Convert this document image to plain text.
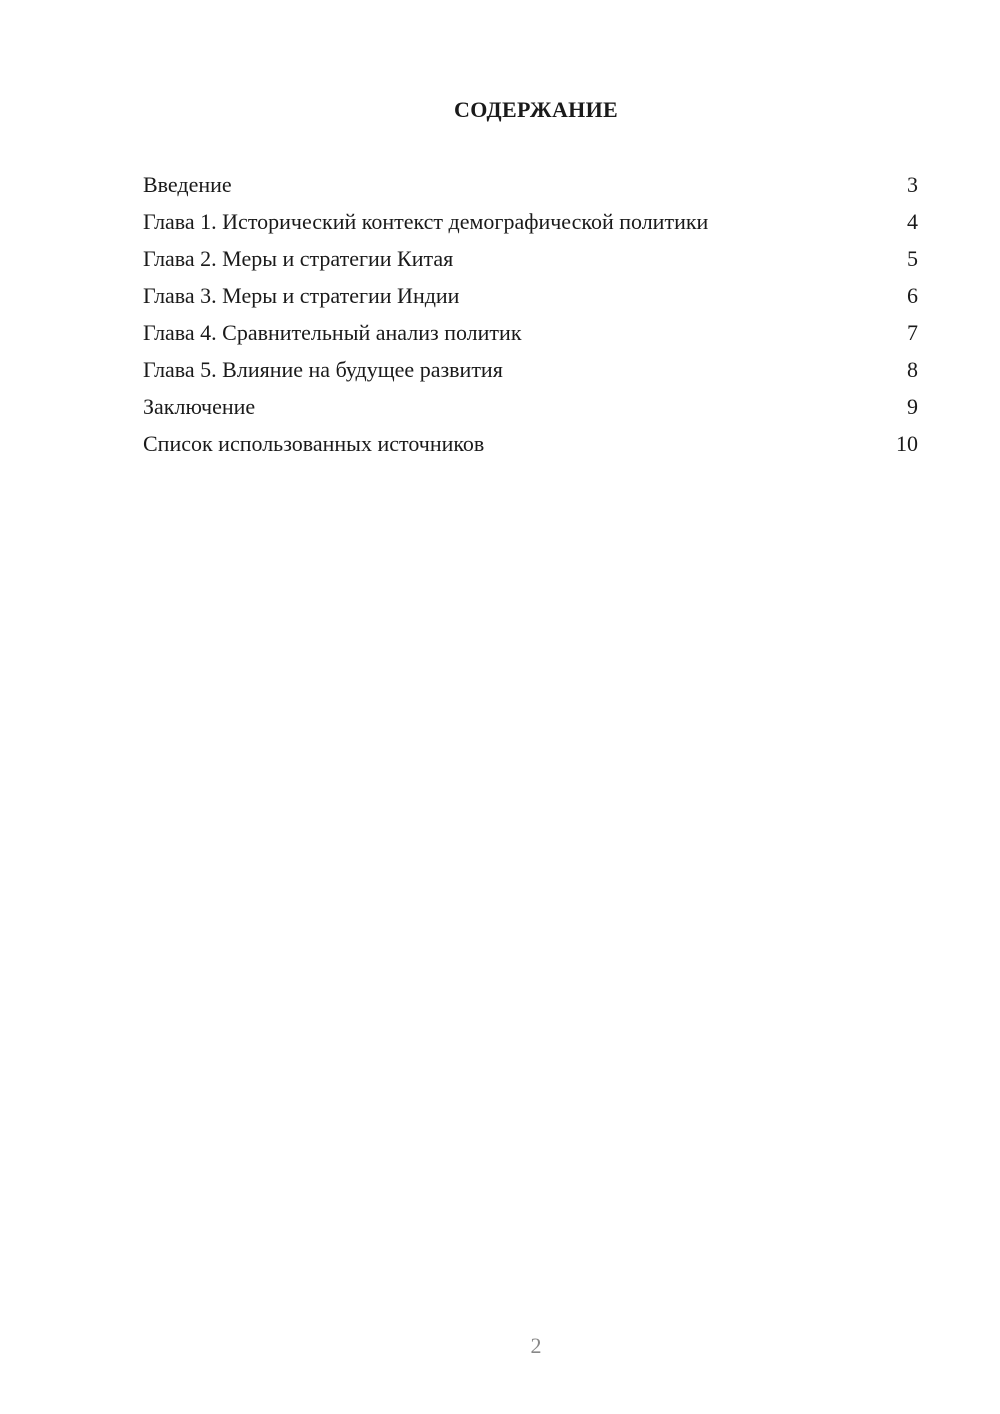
СОДЕРЖАНИЕ
Введение	3
Глава 1. Исторический контекст демографической политики	4
Глава 2. Меры и стратегии Китая	5
Глава 3. Меры и стратегии Индии	6
Глава 4. Сравнительный анализ политик	7
Глава 5. Влияние на будущее развития	8
Заключение	9
Список использованных источников	10
2
